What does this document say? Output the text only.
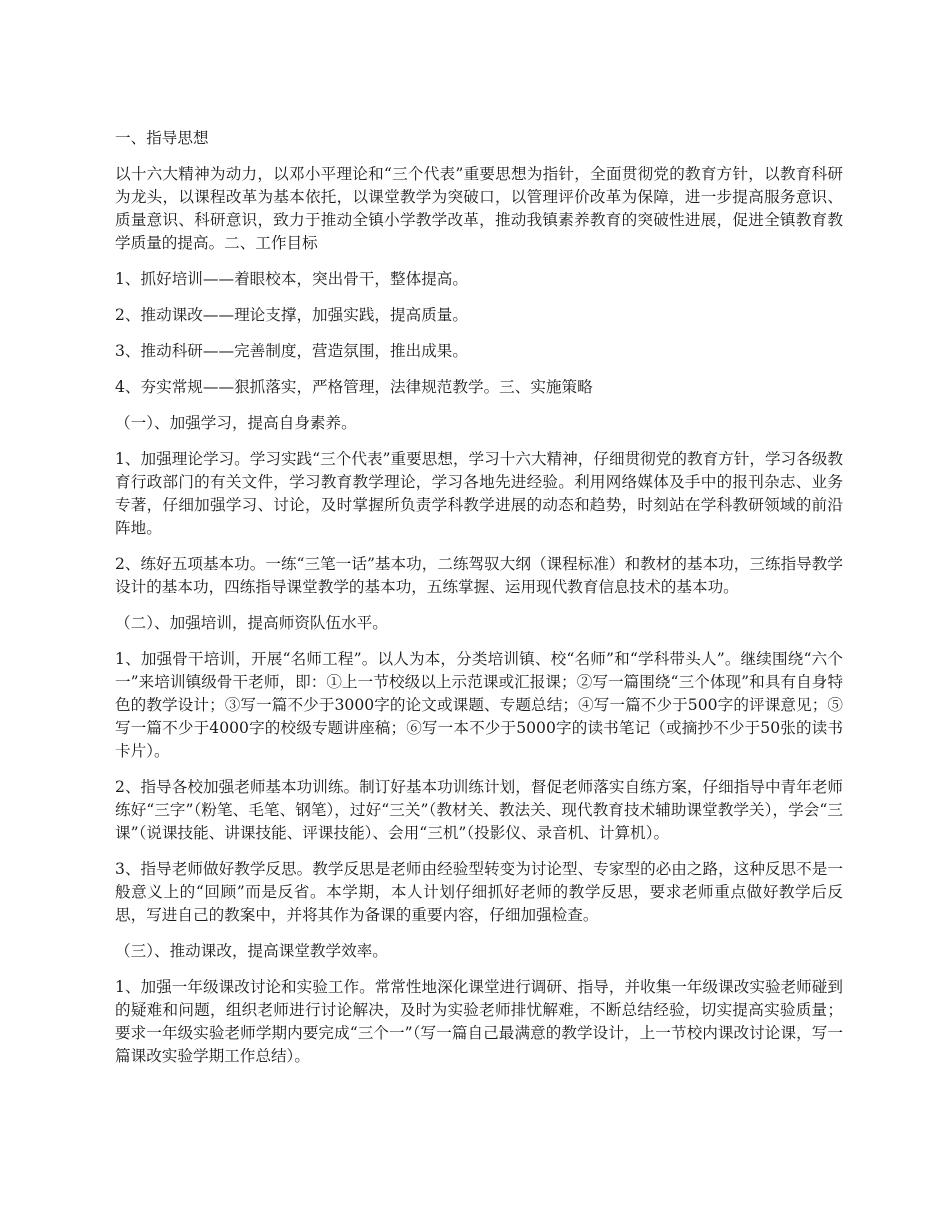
一、指导思想

以十六大精神为动力，以邓小平理论和“三个代表”重要思想为指针，全面贯彻党的教育方针，以教育科研为龙头，以课程改革为基本依托，以课堂教学为突破口，以管理评价改革为保障，进一步提高服务意识、质量意识、科研意识，致力于推动全镇小学教学改革，推动我镇素养教育的突破性进展，促进全镇教育教学质量的提高。二、工作目标

1、抓好培训——着眼校本，突出骨干，整体提高。

2、推动课改——理论支撑，加强实践，提高质量。

3、推动科研——完善制度，营造氛围，推出成果。

4、夯实常规——狠抓落实，严格管理，法律规范教学。三、实施策略

（一）、加强学习，提高自身素养。

1、加强理论学习。学习实践“三个代表”重要思想，学习十六大精神，仔细贯彻党的教育方针，学习各级教育行政部门的有关文件，学习教育教学理论，学习各地先进经验。利用网络媒体及手中的报刊杂志、业务专著，仔细加强学习、讨论，及时掌握所负责学科教学进展的动态和趋势，时刻站在学科教研领域的前沿阵地。

2、练好五项基本功。一练“三笔一话”基本功，二练驾驭大纲（课程标准）和教材的基本功，三练指导教学设计的基本功，四练指导课堂教学的基本功，五练掌握、运用现代教育信息技术的基本功。

（二）、加强培训，提高师资队伍水平。

1、加强骨干培训，开展“名师工程”。以人为本，分类培训镇、校“名师”和“学科带头人”。继续围绕“六个一”来培训镇级骨干老师，即：①上一节校级以上示范课或汇报课；②写一篇围绕“三个体现”和具有自身特色的教学设计；③写一篇不少于3000字的论文或课题、专题总结；④写一篇不少于500字的评课意见；⑤写一篇不少于4000字的校级专题讲座稿；⑥写一本不少于5000字的读书笔记（或摘抄不少于50张的读书卡片）。

2、指导各校加强老师基本功训练。制订好基本功训练计划，督促老师落实自练方案，仔细指导中青年老师练好“三字”（粉笔、毛笔、钢笔），过好“三关”（教材关、教法关、现代教育技术辅助课堂教学关），学会“三课”（说课技能、讲课技能、评课技能）、会用“三机”（投影仪、录音机、计算机）。

3、指导老师做好教学反思。教学反思是老师由经验型转变为讨论型、专家型的必由之路，这种反思不是一般意义上的“回顾”而是反省。本学期，本人计划仔细抓好老师的教学反思，要求老师重点做好教学后反思，写进自己的教案中，并将其作为备课的重要内容，仔细加强检查。

（三）、推动课改，提高课堂教学效率。

1、加强一年级课改讨论和实验工作。常常性地深化课堂进行调研、指导，并收集一年级课改实验老师碰到的疑难和问题，组织老师进行讨论解决，及时为实验老师排忧解难，不断总结经验，切实提高实验质量；要求一年级实验老师学期内要完成“三个一”（写一篇自己最满意的教学设计，上一节校内课改讨论课，写一篇课改实验学期工作总结）。
